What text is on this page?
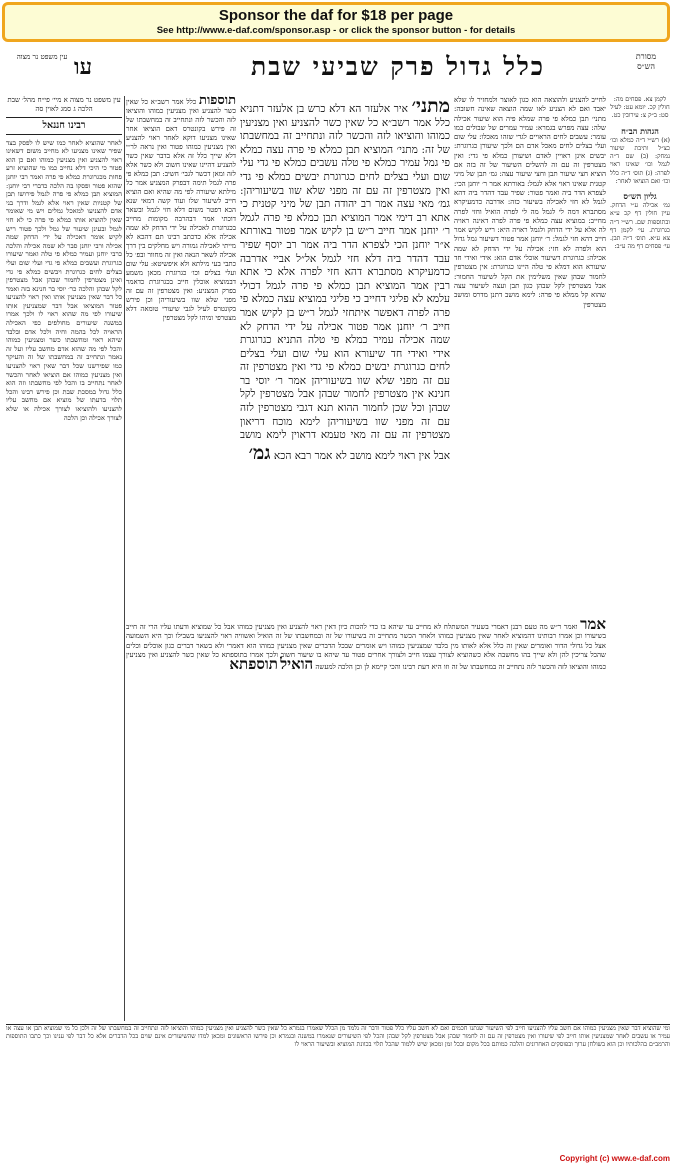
Sponsor the daf for $18 per page
See http://www.e-daf.com/sponsor.asp - or click the sponsor button - for details
עין משפט נר מצוה עו	כלל גדול פרק שביעי שבת	מסורת הש״ס
עין משפט נר מצוה א מיי׳ פי״ח מהל׳ שבת הלכה ג סמג לאוין סה
רבינו חננאל
לאחר שהוציא לאחר כמו שיש לו לפסק בצד שפיר שאינו מצניעו לא מחייב משום דשאינו ראוי להצניע ואין מצניעין כמוהו ואם כן הוא פטור כי היכי דלא נחייב כמו מי שהוציא זרע פחות מכגרוגרת כמלא פי פרה ואמר רבי יוחנן שהוא פטור ופסקו בה הלכה כדברי רבי יוחנן: המוציא תבן כמלא פי פרה לגמל פירושו תבן של קטניות שאין ראוי אלא לגמל ודרך בני אדם להצניעו למאכל גמלים ויש מי שאומר שאין להוציא אותו כמלא פי פרה כי לא חזי לגמל ובעינן שיעור של גמל ולכך פטור ריש לקיש אומר דאכילה על ידי הדחק שמה אכילה ורבי יוחנן סבר לא שמה אכילה והלכה כרבי יוחנן ועמיר כמלא פי טלה ואמר שיעורו כגרוגרת ועשבים כמלא פי גדי ועלי שום ועלי בצלים לחים כגרוגרת ויבשים כמלא פי גדי ואינן מצטרפין לחמור שבהן אבל מצטרפין לקל שבהן והלכה כר׳ יוסי בר חנינא בזה ואמר כל דבר שאין מצניעין אותו ואין ראוי להצניעו פטור המוציאו אבל דבר שמצניעין אותו שיעורו לפי מה שהוא ראוי לו ולכך אמרו במשנה שיעורים מחולפים כפי האכילה הראויה לכל בהמה וחיה ולכל אדם ובלבד שיהא ראוי ומחשבתו כשר ומצניעין כמוהו והכל לפי מה שהוא אדם מחשב עליו ועל זה נאמר ונתחייב זה במחשבתו של זה והעיקר כמו שפירשנו שכל דבר שאין ראוי להצניעו ואין מצניעין כמוהו אם הוציאו לאחר והכשר לאחר נתחייב בו והכל לפי מחשבתו וזה הוא כלל גדול במסכת שבת וכן פירש רבינו והכל תלוי בדעתו של מוציא אם מחשב עליו להצניעו ולהוציאו לצורך אכילה או שלא לצורך אכילה וכן הלכה
תוספות כלל אמר רשב״א כל שאין כשר להצניע ואין מצניעין כמוהו והוציאו לזה והכשר לזה ונתחייב זה במחשבתו של זה פירש בקונטרס דאם הוציאו אחר שאינו מצניעו דוקא לאחר ראוי להצניע ואין מצניעין כמוהו פטור ואין נראה לר״י דלא שייך כלל זה אלא בדבר שאין כשר להצניע דהיינו שאינו חשוב ולא כשר אלא לזה ומאן דכשר לגבי׳ חשיב: תבן כמלא פי פרה לגמל תימה דבפרק המצניע אמר כל מילתא שיעורה לפי מה שהיא ואם הוציא חייב לשיעור שלו ועוד קשה דמאי שנא הכא דפטר משום דלא חזי לגמל ובשאר דוכתי אמר דבהרבה מקומות מחייב בכגרוגרת לאכילה על ידי הדחק לא שמה אכילה אלא כדכתב רבינו תם דהכא לא מייתי לאכילה גמורה ויש מחלקים בין דרך אכילה לשאר הנאה ואין זה מחוור ובפ׳ כל כתבי בעי מילתא ולא איפשיטא: עלי שום ועלי בצלים וכו׳ כגרוגרת מכאן משמע דבמוציא אוכלין חייב בכגרוגרת כדאמר בפרק המצניע: ואין מצטרפין זה עם זה מפני שלא שוו בשיעוריהן וכן פירש בקונטרס לעיל לגבי שיעורי טומאה דלא מצטרפי ומיהו לקל מצטרפין
מתני׳ איר אלעזר הא דלא כרש בן אלעזר דתניא כלל אמר רשב״א כל שאין כשר להצניע ואין מצניעין כמוהו והוציאו לזה והכשר לזה ונתחייב זה במחשבתו של זה: מתני׳ המוציא תבן כמלא פי פרה עצה כמלא פי גמל עמיר כמלא פי טלה עשבים כמלא פי גדי עלי שום ועלי בצלים לחים כגרוגרת יבשים כמלא פי גדי ואין מצטרפין זה עם זה מפני שלא שוו בשיעוריהן: גמ׳ מאי עצה אמר רב יהודה תבן של מיני קטנית כי אתא רב דימי אמר המוציא תבן כמלא פי פרה לגמל ר׳ יוחנן אמר חייב ר״ש בן לקיש אמר פטור באורתא א״ר יוחנן הכי לצפרא הדר ביה אמר רב יוסף שפיר עבד דהדר ביה דלא חזי לגמל אל״ל אביי אדרבה כדמעיקרא מסתברא דהא חזי לפרה אלא כי אתא רבין אמר המוציא תבן כמלא פי פרה לגמל דכולי עלמא לא פליגי דחייב כי פליגי במוציא עצה כמלא פי פרה לפרה דאפשר איתחזי לגמל ר״ש בן לקיש אמר חייב ר׳ יוחנן אמר פטור אכילה על ידי הדחק לא שמה אכילה עמיר כמלא פי טלה התניא כגרוגרת אידי ואידי חד שיעורא הוא עלי שום ועלי בצלים לחים כגרוגרת יבשים כמלא פי גדי ואין מצטרפין זה עם זה מפני שלא שוו בשיעוריהן אמר ר׳ יוסי בר חנינא אין מצטרפין לחמור שבהן אבל מצטרפין לקל שבהן וכל שכן לחמור ההוא תנא דגבי מצטרפין לזה עם זה מפני שוו בשיעוריהן לימא מוכח דריאון מצטרפין זה עם זה מאי טעמא דראוין לימא מושב אבל אין ראוי לימא מושב לא אמר רבא הכא גמ׳
לחייב להצניע ולהוצאה הוא כגון לאוצר ולמחזיר לו שלא יאבד ואם לא הצניע לאו שמה הוצאה שאינה חשובה: מתני׳ תבן כמלא פי פרה שמלא פיה הוא שיעור אכילה שלה: עצה מפרש בגמרא: עמיר עמרים של שבולים כמו עומר: עשבים לחים הראויים לגדי שזהו מאכלו: עלי שום ועלי בצלים לחים מאכל אדם הם ולכך שיעורן כגרוגרת: יבשים אינן ראויין לאדם ושיעורן כמלא פי גדי: ואין מצטרפין זה עם זה להשלים השיעור של זה בזה אם הוציא חצי שיעור תבן וחצי שיעור עצה: גמ׳ תבן של מיני קטנית שאינו ראוי אלא לגמל: באורתא אמר ר׳ יוחנן הכי: לצפרא הדר ביה ואמר פטור: שפיר עבד דהדר ביה דהא לגמל לא חזי לאכילה בשיעור כזה: אדרבה כדמעיקרא מסתברא דמה לי לגמל מה לי לפרה הואיל וחזי לפרה מחייב: במוציא עצה כמלא פי פרה לפרה דאינה ראויה לה אלא על ידי הדחק ולגמל ראויה היא: ריש לקיש אמר חייב דהא חזי לגמל: ר׳ יוחנן אמר פטור דשיעור גמל גדול הוא ולפרה לא חזי: אכילה על ידי הדחק לא שמה אכילה: כגרוגרת דשיעור אוכלי אדם הוא: אידי ואידי חד שיעורא הוא דמלא פי טלה היינו כגרוגרת: אין מצטרפין לחמור שבהן שאין משלימין את הקל לשיעור החמור: אבל מצטרפין לקל שבהן כגון תבן ועצה לשיעור עצה שהוא קל ממלא פי פרה: לימא מושב דתנן מדרס ומושב מצטרפין
לקמן צא. פסחים מה: חולין קכ. יומא עט: לעיל סט: ב״ק צ: עירובין כט.
הגהות הב״ח
(א) רש״י ד״ה כמלא וכו׳ כצ״ל ותיבת שיעור נמחק: (ב) שם ד״ה לגמל וכו׳ שאינו ראוי לפרה: (ג) תוס׳ ד״ה כלל וכו׳ ואם הוציאו לאחר:
גליון הש״ס
גמ׳ אכילה ע״י הדחק. עיין חולין דף קכ ע״א ובתוספות שם. רש״י ד״ה כגרוגרת. עי׳ לקמן דף צא ע״א. תוס׳ ד״ה תבן. עי׳ פסחים דף מה ע״ב:
אמר ואמר ר״ש מה טעם רבנן דאמרי בשעיר המשתלח לא מחייב עד שיהא בו כדי להכות כיון דאין ראוי להצניע ואין מצניעין כמוהו אבל כל שמוציא ודעתו עליו הרי זה חייב בשיעורו וכן אמרו רבותינו דהמוציא לאחר שאין מצניעין כמוהו ולאחר הכשר מתחייב זה בשיעורו של זה ובמחשבתו של זה הואיל ואשוויה ראוי להצניעו בשבילו וכך היא השמועה אצל כל גדולי הדור ואומרים שאין זה כלל אלא לאותו מין בלבד שמצניעין כמוהו ויש אומרים שבכל הדברים שאין מצניעין כמוהו הוא דאמרי ולא בשאר דברים כגון אוכלים וכלים שהכל צריכין להן ולא שייך בהו מחשבה אלא כשהוציא לצורך עצמו חייב ולצורך אחרים פטור עד שיהא בו שיעור חשוב ולכך אמרו בתוספתא כל שאין כשר להצניע ואין מצניעין כמוהו והוציאו לזה והכשר לזה נתחייב זה במחשבתו של זה וזו היא דעת רבינו והכי קיימא לן וכן הלכה למעשה הואיל תוספתא
ומי שהוציא דבר שאין מצניעין כמוהו אם חשב עליו להצניעו חייב לפי השיעור שנתנו חכמים ואם לא חשב עליו כלל פטור ודבר זה נלמד מן הכלל שאמרו בגמרא כל שאין כשר להצניע ואין מצניעין כמוהו והוציאו לזה ונתחייב זה במחשבתו של זה ולכן כל מי שמוציא תבן או עצה או עמיר או עשבים לאחר שמצניעין אותו חייב לפי שיעורו ואין מצטרפין זה עם זה לחמור שבהן אבל מצטרפין לקל שבהן והכל לפי השיעורים שנאמרו במשנה ובגמרא וכן פירשו הראשונים ומכאן למדו שהשיעורים אינם שוים בכל הדברים אלא כל דבר לפי ענינו וכך כתבו התוספות והרמב״ם בהלכותיו וכן הוא בשולחן ערוך ובפוסקים האחרונים והלכה כמותם בכל מקום ובכל זמן ומכאן שיש ללמוד שהכל תלוי בכוונת המוציא ובשיעור הראוי לו
Copyright (c) www.e-daf.com
